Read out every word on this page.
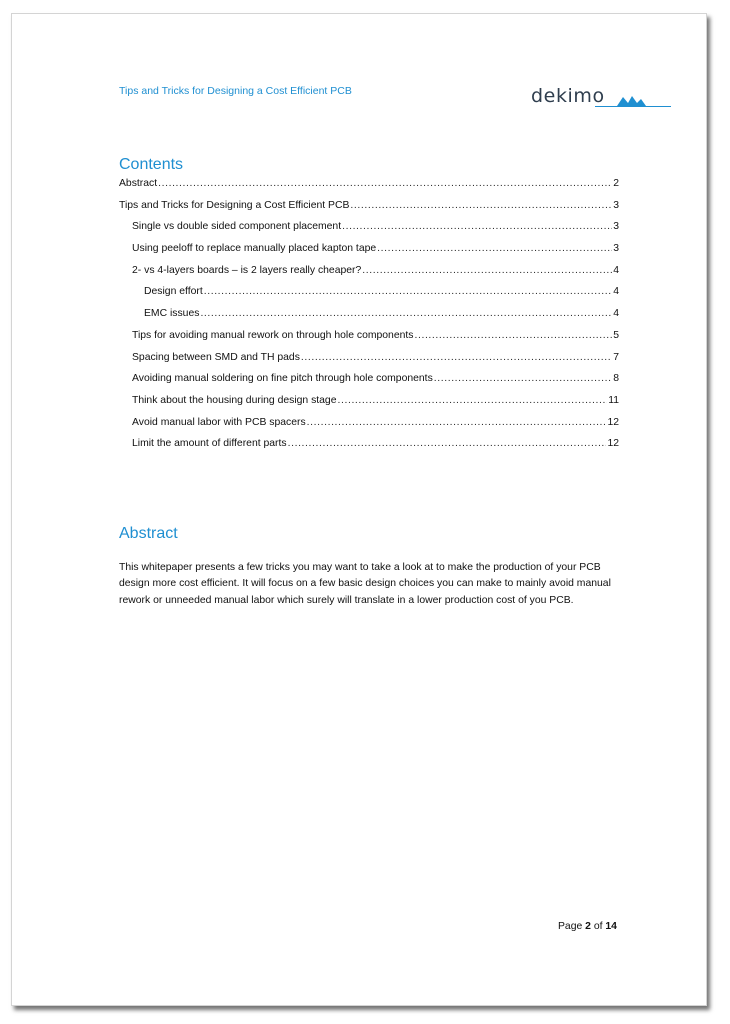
Tips and Tricks for Designing a Cost Efficient PCB	dekimo
Contents
Abstract .....	2
Tips and Tricks for Designing a Cost Efficient PCB .....	3
Single vs double sided component placement .....	3
Using peeloff to replace manually placed kapton tape .....	3
2- vs 4-layers boards – is 2 layers really cheaper? .....	4
Design effort .....	4
EMC issues .....	4
Tips for avoiding manual rework on through hole components .....	5
Spacing between SMD and TH pads .....	7
Avoiding manual soldering on fine pitch through hole components .....	8
Think about the housing during design stage .....	11
Avoid manual labor with PCB spacers .....	12
Limit the amount of different parts .....	12
Abstract
This whitepaper presents a few tricks you may want to take a look at to make the production of your PCB design more cost efficient. It will focus on a few basic design choices you can make to mainly avoid manual rework or unneeded manual labor which surely will translate in a lower production cost of you PCB.
Page 2 of 14
